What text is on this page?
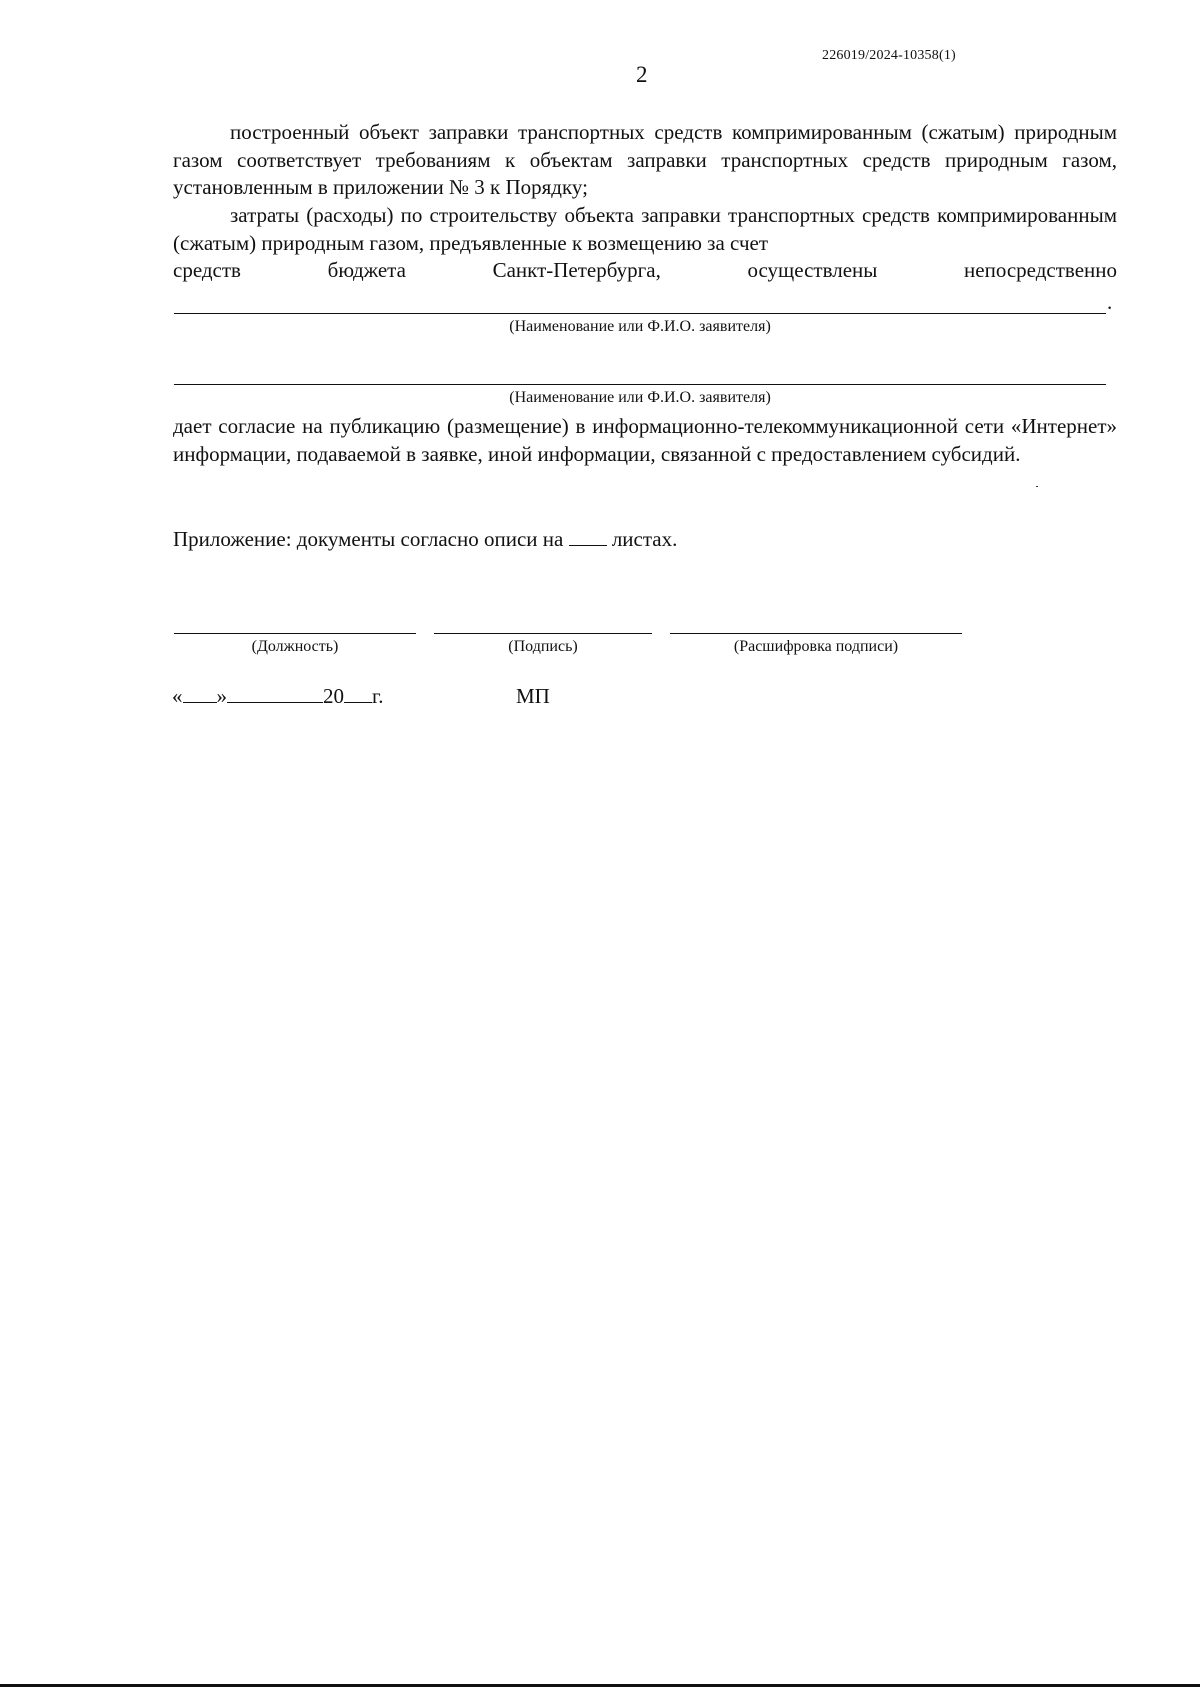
226019/2024-10358(1)
2
построенный объект заправки транспортных средств компримированным (сжатым) природным газом соответствует требованиям к объектам заправки транспортных средств природным газом, установленным в приложении № 3 к Порядку;
затраты (расходы) по строительству объекта заправки транспортных средств компримированным (сжатым) природным газом, предъявленные к возмещению за счет
средств бюджета Санкт-Петербурга, осуществлены непосредственно
.
(Наименование или Ф.И.О. заявителя)
(Наименование или Ф.И.О. заявителя)
дает согласие на публикацию (размещение) в информационно-телекоммуникационной сети «Интернет» информации, подаваемой в заявке, иной информации, связанной с предоставлением субсидий.
Приложение: документы согласно описи на  листах.
(Должность)	(Подпись)	(Расшифровка подписи)
« »	20 г.	МП
